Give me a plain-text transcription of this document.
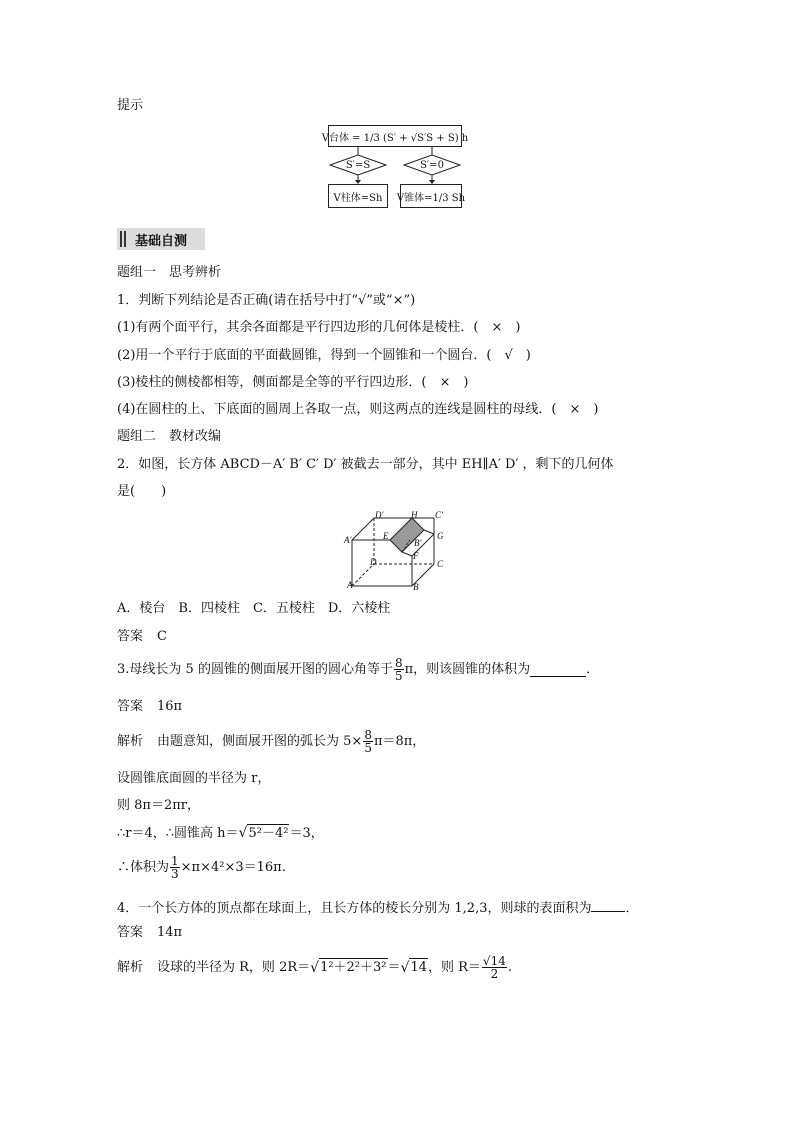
提示
V台体 = 1/3 (S′ + √S′S + S) h
S′=S	S′=0
V柱体=Sh V锥体=1/3 Sh
基础自测
题组一　思考辨析
1．判断下列结论是否正确(请在括号中打“√”或“×”)
(1)有两个面平行，其余各面都是平行四边形的几何体是棱柱．(　×　)
(2)用一个平行于底面的平面截圆锥，得到一个圆锥和一个圆台．(　√　)
(3)棱柱的侧棱都相等，侧面都是全等的平行四边形．(　×　)
(4)在圆柱的上、下底面的圆周上各取一点，则这两点的连线是圆柱的母线．(　×　)
题组二　教材改编
2．如图，长方体 ABCD－A′ B′ C′ D′ 被截去一部分，其中 EH∥A′ D′ ，剩下的几何体
是(　　)
D′	H C′
A′	E	G
B′
F
D	C
A	B
A．棱台　B．四棱柱　C．五棱柱　D．六棱柱
答案 C
3.母线长为 5 的圆锥的侧面展开图的圆心角等于 $\frac{8}{5}$ π，则该圆锥的体积为	．
答案 16π
解析 由题意知，侧面展开图的弧长为 $5\times \frac{8}{5} \pi=8\pi$，
设圆锥底面圆的半径为 r，
则 8π＝2πr，
∴r＝4，∴圆锥高 h＝√5²－4²＝3，
∴体积为 $\frac{1}{3} \times\pi\times 4^2\times 3=16\pi$.
4．一个长方体的顶点都在球面上，且长方体的棱长分别为 1,2,3，则球的表面积为	．
答案 14π
解析 设球的半径为 R，则 2R＝ √ 1²＋2²＋3² ＝ √ 14 ，则 $R= \frac{√14}{2}$ .
